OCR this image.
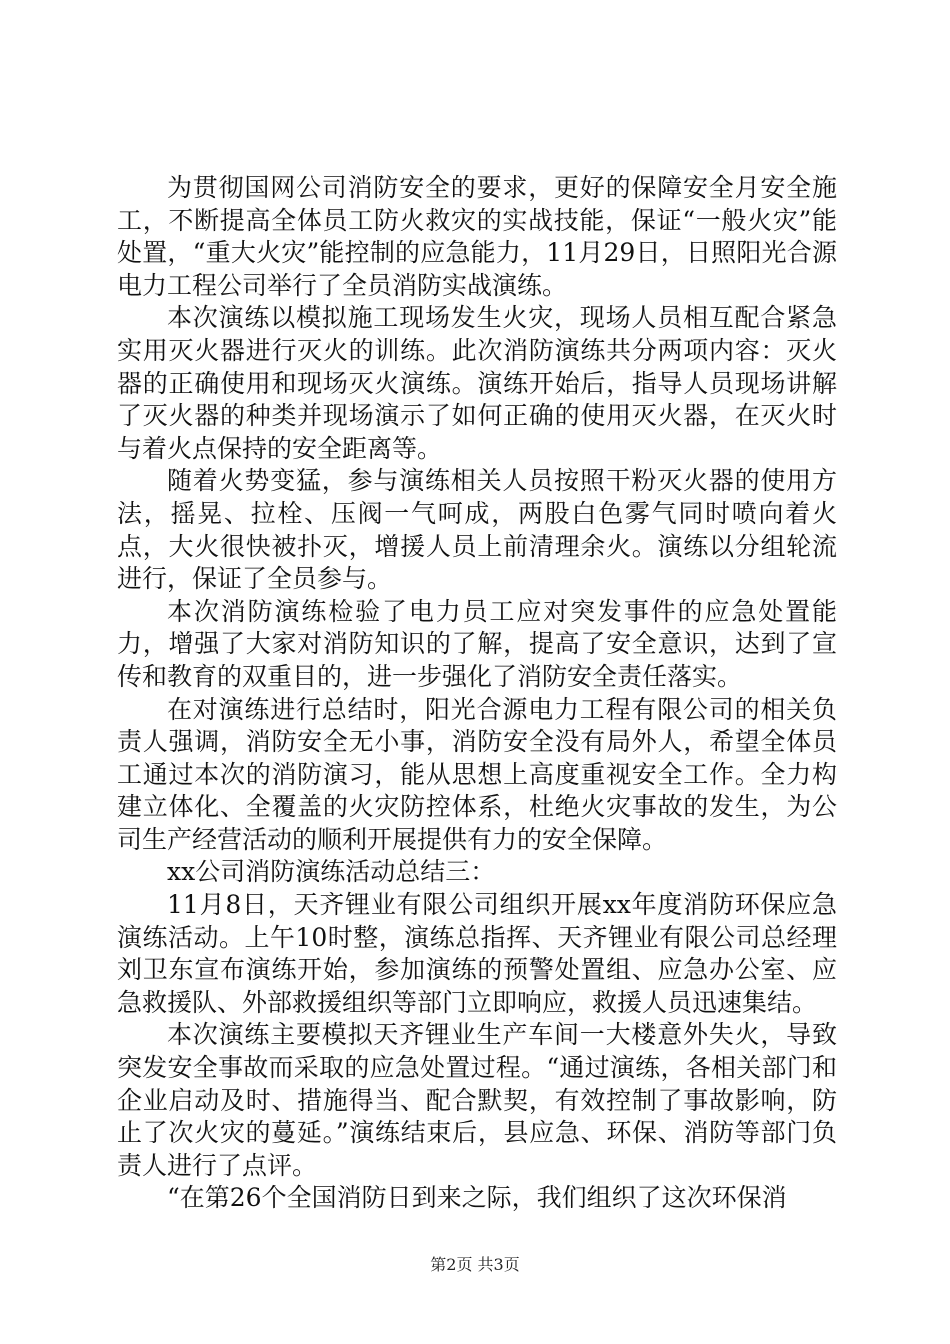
为贯彻国网公司消防安全的要求，更好的保障安全月安全施工，不断提高全体员工防火救灾的实战技能，保证“一般火灾”能处置，“重大火灾”能控制的应急能力，11月29日，日照阳光合源电力工程公司举行了全员消防实战演练。

本次演练以模拟施工现场发生火灾，现场人员相互配合紧急实用灭火器进行灭火的训练。此次消防演练共分两项内容：灭火器的正确使用和现场灭火演练。演练开始后，指导人员现场讲解了灭火器的种类并现场演示了如何正确的使用灭火器，在灭火时与着火点保持的安全距离等。

随着火势变猛，参与演练相关人员按照干粉灭火器的使用方法，摇晃、拉栓、压阀一气呵成，两股白色雾气同时喷向着火点，大火很快被扑灭，增援人员上前清理余火。演练以分组轮流进行，保证了全员参与。

本次消防演练检验了电力员工应对突发事件的应急处置能力，增强了大家对消防知识的了解，提高了安全意识，达到了宣传和教育的双重目的，进一步强化了消防安全责任落实。

在对演练进行总结时，阳光合源电力工程有限公司的相关负责人强调，消防安全无小事，消防安全没有局外人，希望全体员工通过本次的消防演习，能从思想上高度重视安全工作。全力构建立体化、全覆盖的火灾防控体系，杜绝火灾事故的发生，为公司生产经营活动的顺利开展提供有力的安全保障。

xx公司消防演练活动总结三：

11月8日，天齐锂业有限公司组织开展xx年度消防环保应急演练活动。上午10时整，演练总指挥、天齐锂业有限公司总经理刘卫东宣布演练开始，参加演练的预警处置组、应急办公室、应急救援队、外部救援组织等部门立即响应，救援人员迅速集结。

本次演练主要模拟天齐锂业生产车间一大楼意外失火，导致突发安全事故而采取的应急处置过程。“通过演练，各相关部门和企业启动及时、措施得当、配合默契，有效控制了事故影响，防止了次火灾的蔓延。”演练结束后，县应急、环保、消防等部门负责人进行了点评。

“在第26个全国消防日到来之际，我们组织了这次环保消

第2页 共3页
